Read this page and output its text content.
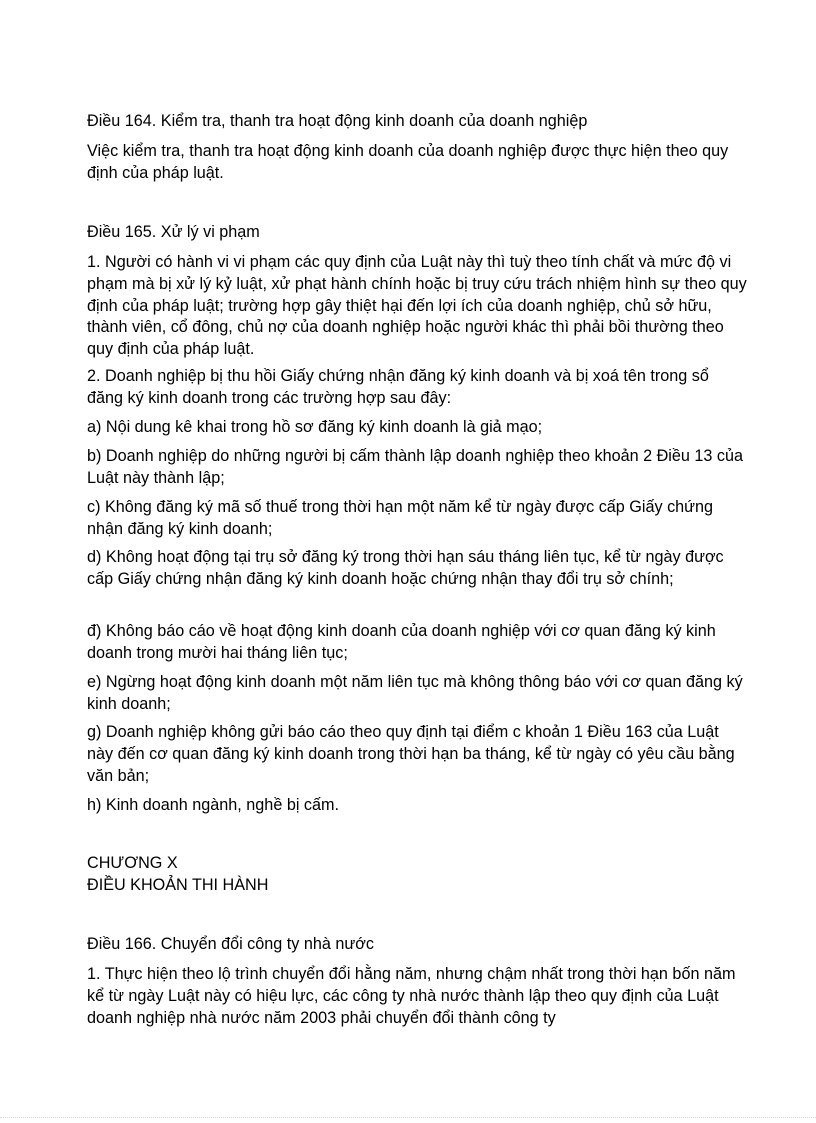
Điều 164. Kiểm tra, thanh tra hoạt động kinh doanh của doanh nghiệp

Việc kiểm tra, thanh tra hoạt động kinh doanh của doanh nghiệp được thực hiện theo quy định của pháp luật.

Điều 165. Xử lý vi phạm

1. Người có hành vi vi phạm các quy định của Luật này thì tuỳ theo tính chất và mức độ vi phạm mà bị xử lý kỷ luật, xử phạt hành chính hoặc bị truy cứu trách nhiệm hình sự theo quy định của pháp luật; trường hợp gây thiệt hại đến lợi ích của doanh nghiệp, chủ sở hữu, thành viên, cổ đông, chủ nợ của doanh nghiệp hoặc người khác thì phải bồi thường theo quy định của pháp luật.

2. Doanh nghiệp bị thu hồi Giấy chứng nhận đăng ký kinh doanh và bị xoá tên trong sổ đăng ký kinh doanh trong các trường hợp sau đây:

a) Nội dung kê khai trong hồ sơ đăng ký kinh doanh là giả mạo;

b) Doanh nghiệp do những người bị cấm thành lập doanh nghiệp theo khoản 2 Điều 13 của Luật này thành lập;

c) Không đăng ký mã số thuế trong thời hạn một năm kể từ ngày được cấp Giấy chứng nhận đăng ký kinh doanh;

d) Không hoạt động tại trụ sở đăng ký trong thời hạn sáu tháng liên tục, kể từ ngày được cấp Giấy chứng nhận đăng ký kinh doanh hoặc chứng nhận thay đổi trụ sở chính;

đ) Không báo cáo về hoạt động kinh doanh của doanh nghiệp với cơ quan đăng ký kinh doanh trong mười hai tháng liên tục;

e) Ngừng hoạt động kinh doanh một năm liên tục mà không thông báo với cơ quan đăng ký kinh doanh;

g) Doanh nghiệp không gửi báo cáo theo quy định tại điểm c khoản 1 Điều 163 của Luật này đến cơ quan đăng ký kinh doanh trong thời hạn ba tháng, kể từ ngày có yêu cầu bằng văn bản;

h) Kinh doanh ngành, nghề bị cấm.

CHƯƠNG X

ĐIỀU KHOẢN THI HÀNH

Điều 166. Chuyển đổi công ty nhà nước

1. Thực hiện theo lộ trình chuyển đổi hằng năm, nhưng chậm nhất trong thời hạn bốn năm kể từ ngày Luật này có hiệu lực, các công ty nhà nước thành lập theo quy định của Luật doanh nghiệp nhà nước năm 2003 phải chuyển đổi thành công ty
